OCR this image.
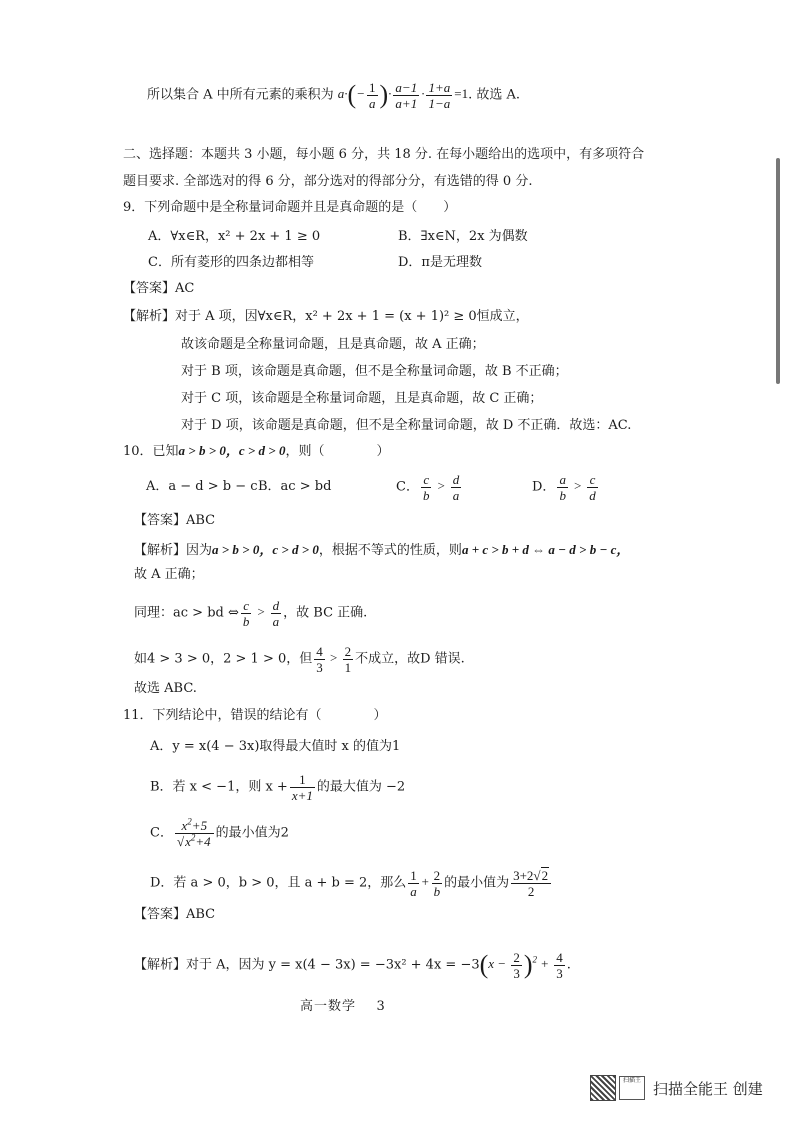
所以集合 A 中所有元素的乘积为 $a\cdot(- \frac{1}{a}$ )· $\frac{a-1}{a+1} \cdot \frac{1+a}{1-a} =1$. 故选 A.
二、选择题：本题共 3 小题，每小题 6 分，共 18 分. 在每小题给出的选项中，有多项符合
题目要求. 全部选对的得 6 分，部分选对的得部分分，有选错的得 0 分.
9．下列命题中是全称量词命题并且是真命题的是（　　）
A．∀x∈R，x² + 2x + 1 ≥ 0	B．∃x∈N，2x 为偶数
C．所有菱形的四条边都相等	D．π是无理数
【答案】AC
【解析】对于 A 项，因∀x∈R，x² + 2x + 1 = (x + 1)² ≥ 0恒成立，
故该命题是全称量词命题，且是真命题，故 A 正确；
对于 B 项，该命题是真命题，但不是全称量词命题，故 B 不正确；
对于 C 项，该命题是全称量词命题，且是真命题，故 C 正确；
对于 D 项，该命题是真命题，但不是全称量词命题，故 D 不正确．故选：AC.
10．已知a > b > 0，c > d > 0，则（　　　　）
A．a − d > b − c B．ac > bd	C． $\frac{c}{b} > \frac{d}{a}$	D． $\frac{a}{b} > \frac{c}{d}$
【答案】ABC
【解析】因为a > b > 0，c > d > 0，根据不等式的性质，则a + c > b + d ⇔ a − d > b − c，
故 A 正确；
同理：ac > bd ⇔ $\frac{c}{b} > \frac{d}{a}$ ，故 BC 正确.
如4 > 3 > 0，2 > 1 > 0，但 $\frac{4}{3} > \frac{2}{1}$ 不成立，故D 错误.
故选 ABC.
11．下列结论中，错误的结论有（　　　　）
A．y = x(4 − 3x)取得最大值时 x 的值为1
B．若 x < −1，则 $x + \frac{1}{x+1}$ 的最大值为 −2
C． $\frac{x^2+5}{√x^2+4}$ 的最小值为2
D．若 a > 0，b > 0，且 a + b = 2，那么 $\frac{1}{a} + \frac{2}{b}$ 的最小值为 $\frac{3+2√2}{2}$
【答案】ABC
【解析】对于 A，因为 $y = x(4 - 3x) = -3x^2 + 4x = -3(x - \frac{2}{3} )^2 + \frac{4}{3}$ .
高一数学 3
扫描王 扫描全能王 创建
